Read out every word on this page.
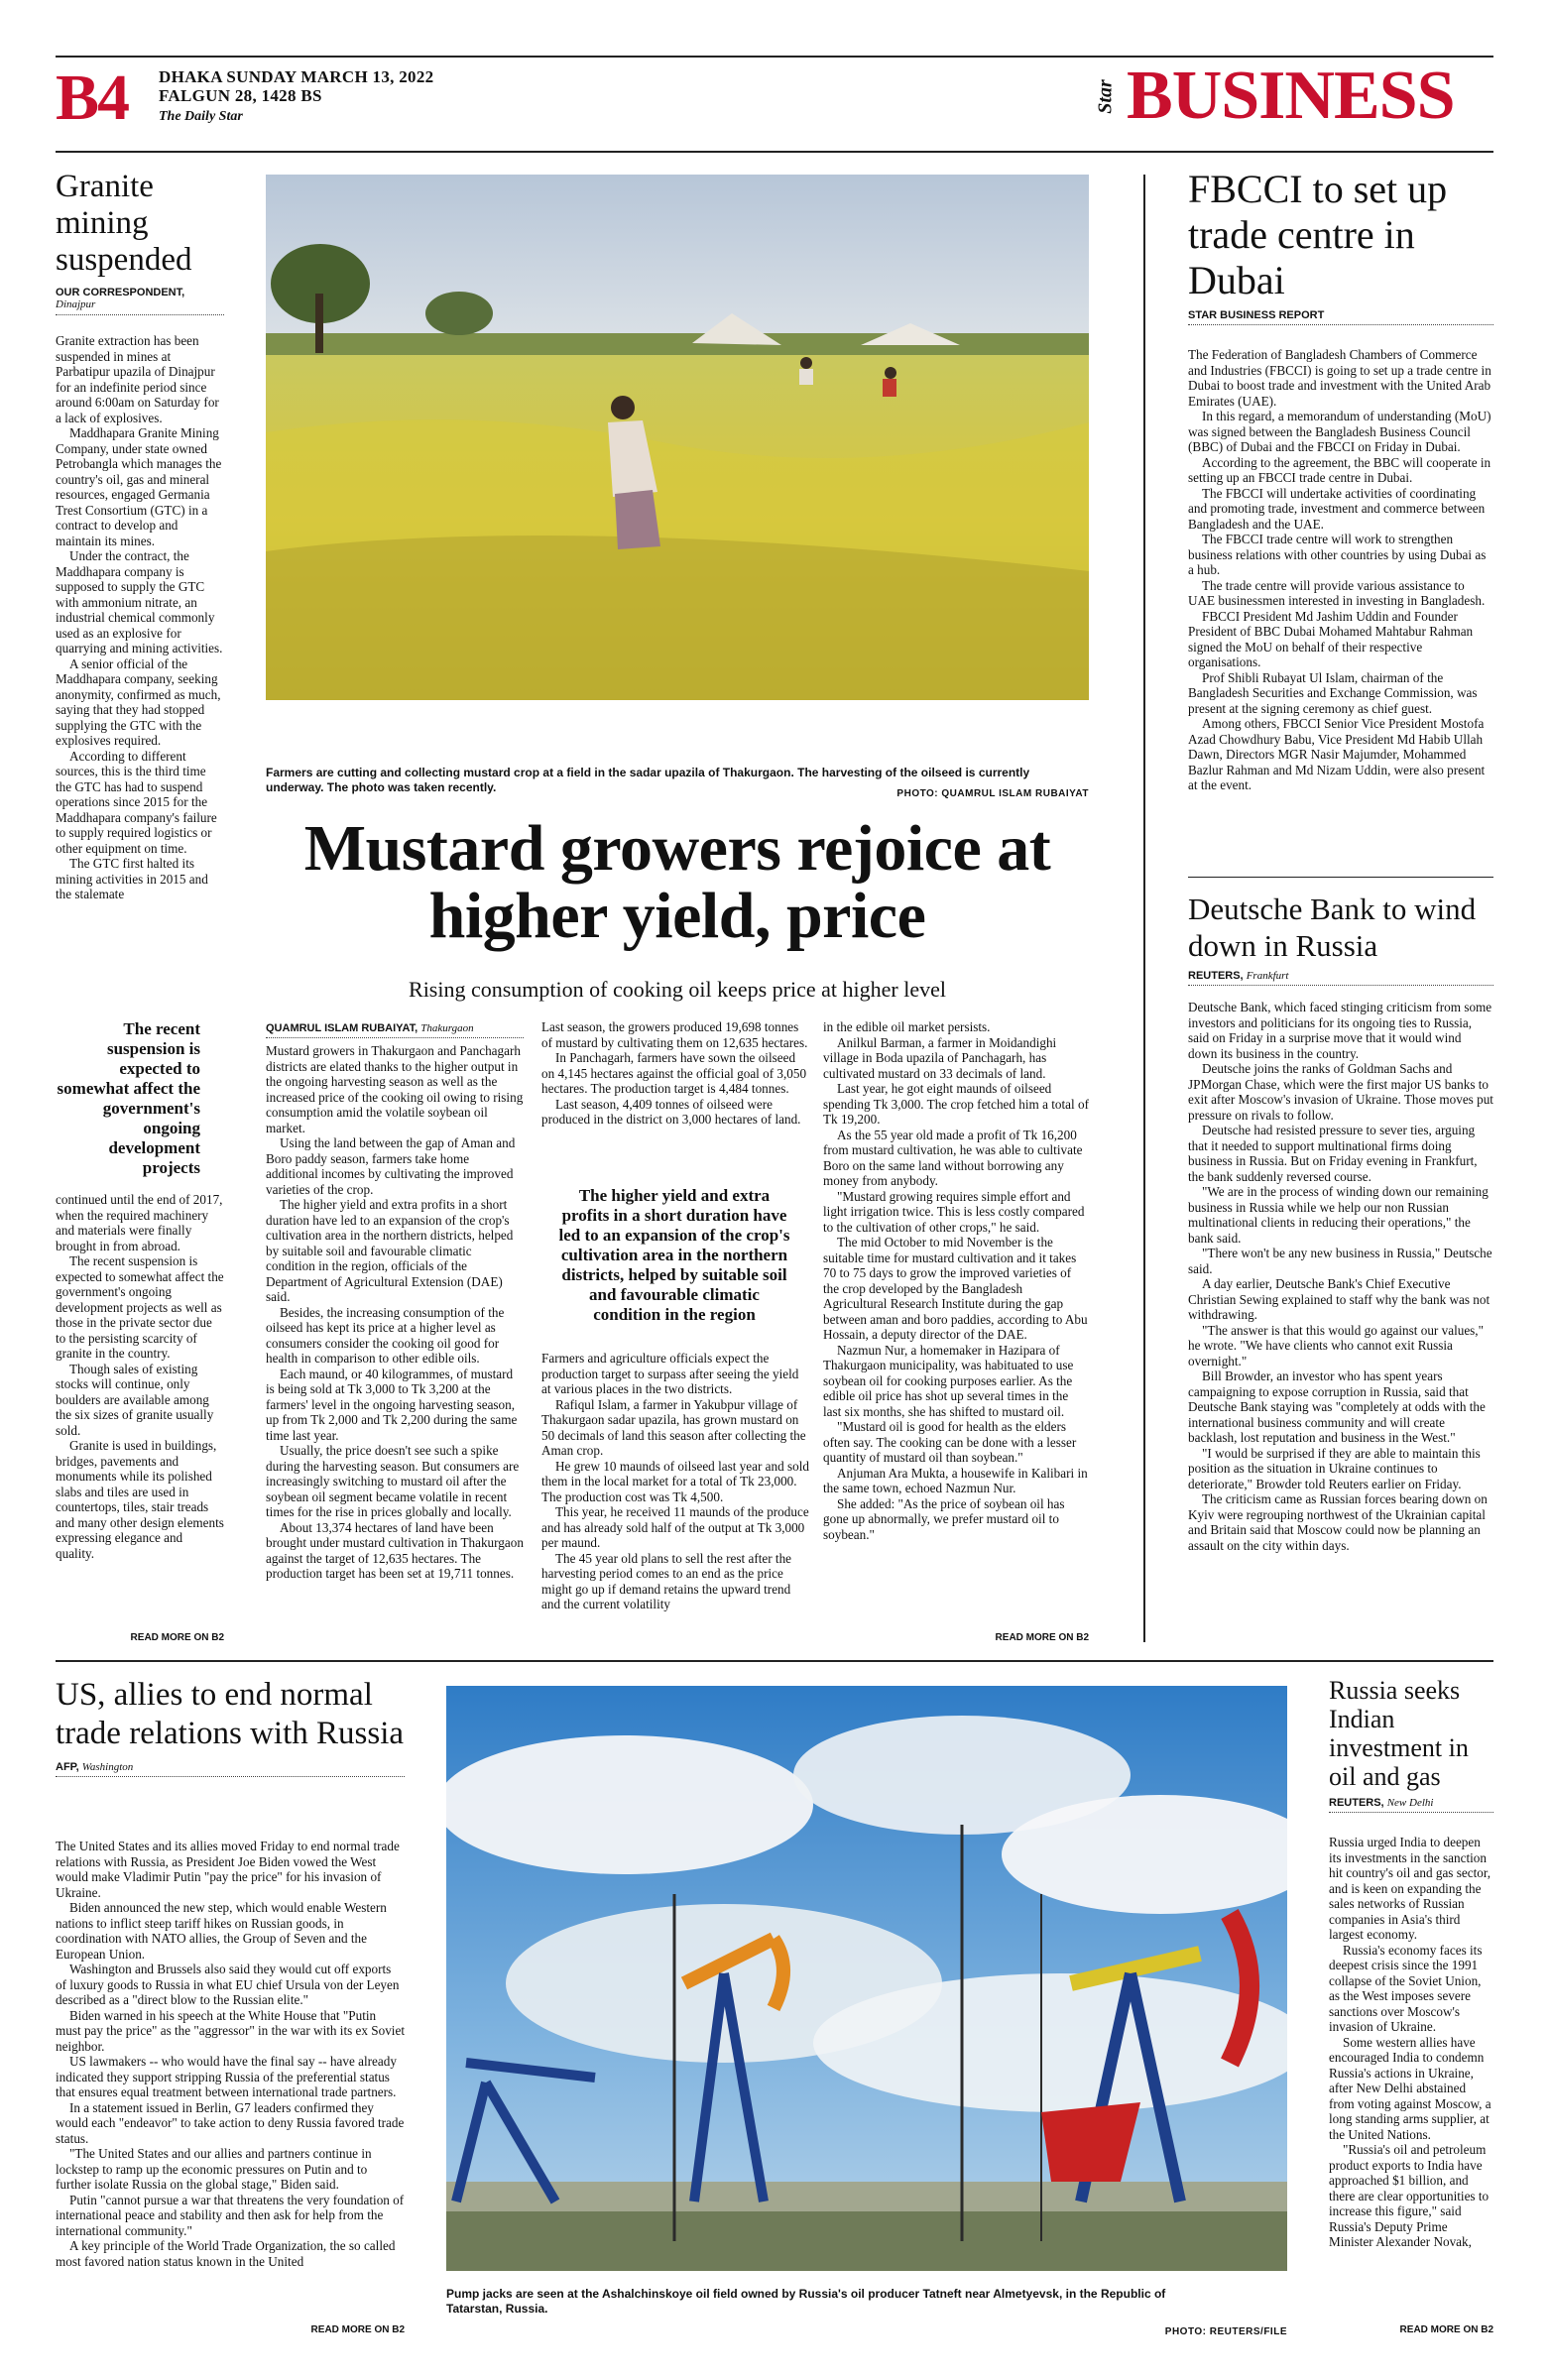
B4 DHAKA SUNDAY MARCH 13, 2022
FALGUN 28, 1428 BS
The Daily Star
Star BUSINESS
Granite mining suspended
OUR CORRESPONDENT,
Dinajpur

Granite extraction has been suspended in mines at Parbatipur upazila of Dinajpur for an indefinite period since around 6:00am on Saturday for a lack of explosives.

Maddhapara Granite Mining Company, under state owned Petrobangla which manages the country's oil, gas and mineral resources, engaged Germania Trest Consortium (GTC) in a contract to develop and maintain its mines.

Under the contract, the Maddhapara company is supposed to supply the GTC with ammonium nitrate, an industrial chemical commonly used as an explosive for quarrying and mining activities.

A senior official of the Maddhapara company, seeking anonymity, confirmed as much, saying that they had stopped supplying the GTC with the explosives required.

According to different sources, this is the third time the GTC has had to suspend operations since 2015 for the Maddhapara company's failure to supply required logistics or other equipment on time.

The GTC first halted its mining activities in 2015 and the stalemate

The recent suspension is expected to somewhat affect the government's ongoing development projects

continued until the end of 2017, when the required machinery and materials were finally brought in from abroad.

The recent suspension is expected to somewhat affect the government's ongoing development projects as well as those in the private sector due to the persisting scarcity of granite in the country.

Though sales of existing stocks will continue, only boulders are available among the six sizes of granite usually sold.

Granite is used in buildings, bridges, pavements and monuments while its polished slabs and tiles are used in countertops, tiles, stair treads and many other design elements expressing elegance and quality.

READ MORE ON B2
Farmers are cutting and collecting mustard crop at a field in the sadar upazila of Thakurgaon. The harvesting of the oilseed is currently underway. The photo was taken recently.	PHOTO: QUAMRUL ISLAM RUBAIYAT
Mustard growers rejoice at higher yield, price
Rising consumption of cooking oil keeps price at higher level
QUAMRUL ISLAM RUBAIYAT, Thakurgaon

Mustard growers in Thakurgaon and Panchagarh districts are elated thanks to the higher output in the ongoing harvesting season as well as the increased price of the cooking oil owing to rising consumption amid the volatile soybean oil market.

Using the land between the gap of Aman and Boro paddy season, farmers take home additional incomes by cultivating the improved varieties of the crop.

The higher yield and extra profits in a short duration have led to an expansion of the crop's cultivation area in the northern districts, helped by suitable soil and favourable climatic condition in the region, officials of the Department of Agricultural Extension (DAE) said.

Besides, the increasing consumption of the oilseed has kept its price at a higher level as consumers consider the cooking oil good for health in comparison to other edible oils.

Each maund, or 40 kilogrammes, of mustard is being sold at Tk 3,000 to Tk 3,200 at the farmers' level in the ongoing harvesting season, up from Tk 2,000 and Tk 2,200 during the same time last year.

Usually, the price doesn't see such a spike during the harvesting season. But consumers are increasingly switching to mustard oil after the soybean oil segment became volatile in recent times for the rise in prices globally and locally.

About 13,374 hectares of land have been brought under mustard cultivation in Thakurgaon against the target of 12,635 hectares. The production target has been set at 19,711 tonnes.

Last season, the growers produced 19,698 tonnes of mustard by cultivating them on 12,635 hectares.

In Panchagarh, farmers have sown the oilseed on 4,145 hectares against the official goal of 3,050 hectares. The production target is 4,484 tonnes.

Last season, 4,409 tonnes of oilseed were produced in the district on 3,000 hectares of land.

The higher yield and extra profits in a short duration have led to an expansion of the crop's cultivation area in the northern districts, helped by suitable soil and favourable climatic condition in the region

Farmers and agriculture officials expect the production target to surpass after seeing the yield at various places in the two districts.

Rafiqul Islam, a farmer in Yakubpur village of Thakurgaon sadar upazila, has grown mustard on 50 decimals of land this season after collecting the Aman crop.

He grew 10 maunds of oilseed last year and sold them in the local market for a total of Tk 23,000. The production cost was Tk 4,500.

This year, he received 11 maunds of the produce and has already sold half of the output at Tk 3,000 per maund.

The 45 year old plans to sell the rest after the harvesting period comes to an end as the price might go up if demand retains the upward trend and the current volatility

in the edible oil market persists.

Anilkul Barman, a farmer in Moidandighi village in Boda upazila of Panchagarh, has cultivated mustard on 33 decimals of land.

Last year, he got eight maunds of oilseed spending Tk 3,000. The crop fetched him a total of Tk 19,200.

As the 55 year old made a profit of Tk 16,200 from mustard cultivation, he was able to cultivate Boro on the same land without borrowing any money from anybody.

"Mustard growing requires simple effort and light irrigation twice. This is less costly compared to the cultivation of other crops," he said.

The mid October to mid November is the suitable time for mustard cultivation and it takes 70 to 75 days to grow the improved varieties of the crop developed by the Bangladesh Agricultural Research Institute during the gap between aman and boro paddies, according to Abu Hossain, a deputy director of the DAE.

Nazmun Nur, a homemaker in Hazipara of Thakurgaon municipality, was habituated to use soybean oil for cooking purposes earlier. As the edible oil price has shot up several times in the last six months, she has shifted to mustard oil.

"Mustard oil is good for health as the elders often say. The cooking can be done with a lesser quantity of mustard oil than soybean."

Anjuman Ara Mukta, a housewife in Kalibari in the same town, echoed Nazmun Nur.

She added: "As the price of soybean oil has gone up abnormally, we prefer mustard oil to soybean."

READ MORE ON B2
FBCCI to set up trade centre in Dubai
STAR BUSINESS REPORT

The Federation of Bangladesh Chambers of Commerce and Industries (FBCCI) is going to set up a trade centre in Dubai to boost trade and investment with the United Arab Emirates (UAE).

In this regard, a memorandum of understanding (MoU) was signed between the Bangladesh Business Council (BBC) of Dubai and the FBCCI on Friday in Dubai.

According to the agreement, the BBC will cooperate in setting up an FBCCI trade centre in Dubai.

The FBCCI will undertake activities of coordinating and promoting trade, investment and commerce between Bangladesh and the UAE.

The FBCCI trade centre will work to strengthen business relations with other countries by using Dubai as a hub.

The trade centre will provide various assistance to UAE businessmen interested in investing in Bangladesh.

FBCCI President Md Jashim Uddin and Founder President of BBC Dubai Mohamed Mahtabur Rahman signed the MoU on behalf of their respective organisations.

Prof Shibli Rubayat Ul Islam, chairman of the Bangladesh Securities and Exchange Commission, was present at the signing ceremony as chief guest.

Among others, FBCCI Senior Vice President Mostofa Azad Chowdhury Babu, Vice President Md Habib Ullah Dawn, Directors MGR Nasir Majumder, Mohammed Bazlur Rahman and Md Nizam Uddin, were also present at the event.

Deutsche Bank to wind down in Russia
REUTERS, Frankfurt

Deutsche Bank, which faced stinging criticism from some investors and politicians for its ongoing ties to Russia, said on Friday in a surprise move that it would wind down its business in the country.

Deutsche joins the ranks of Goldman Sachs and JPMorgan Chase, which were the first major US banks to exit after Moscow's invasion of Ukraine. Those moves put pressure on rivals to follow.

Deutsche had resisted pressure to sever ties, arguing that it needed to support multinational firms doing business in Russia. But on Friday evening in Frankfurt, the bank suddenly reversed course.

"We are in the process of winding down our remaining business in Russia while we help our non Russian multinational clients in reducing their operations," the bank said.

"There won't be any new business in Russia," Deutsche said.

A day earlier, Deutsche Bank's Chief Executive Christian Sewing explained to staff why the bank was not withdrawing.

"The answer is that this would go against our values," he wrote. "We have clients who cannot exit Russia overnight."

Bill Browder, an investor who has spent years campaigning to expose corruption in Russia, said that Deutsche Bank staying was "completely at odds with the international business community and will create backlash, lost reputation and business in the West."

"I would be surprised if they are able to maintain this position as the situation in Ukraine continues to deteriorate," Browder told Reuters earlier on Friday.

The criticism came as Russian forces bearing down on Kyiv were regrouping northwest of the Ukrainian capital and Britain said that Moscow could now be planning an assault on the city within days.

US, allies to end normal trade relations with Russia
AFP, Washington

The United States and its allies moved Friday to end normal trade relations with Russia, as President Joe Biden vowed the West would make Vladimir Putin "pay the price" for his invasion of Ukraine.

Biden announced the new step, which would enable Western nations to inflict steep tariff hikes on Russian goods, in coordination with NATO allies, the Group of Seven and the European Union.

Washington and Brussels also said they would cut off exports of luxury goods to Russia in what EU chief Ursula von der Leyen described as a "direct blow to the Russian elite."

Biden warned in his speech at the White House that "Putin must pay the price" as the "aggressor" in the war with its ex Soviet neighbor.

US lawmakers -- who would have the final say -- have already indicated they support stripping Russia of the preferential status that ensures equal treatment between international trade partners.

In a statement issued in Berlin, G7 leaders confirmed they would each "endeavor" to take action to deny Russia favored trade status.

"The United States and our allies and partners continue in lockstep to ramp up the economic pressures on Putin and to further isolate Russia on the global stage," Biden said.

Putin "cannot pursue a war that threatens the very foundation of international peace and stability and then ask for help from the international community."

A key principle of the World Trade Organization, the so called most favored nation status known in the United

READ MORE ON B2
Pump jacks are seen at the Ashalchinskoye oil field owned by Russia's oil producer Tatneft near Almetyevsk, in the Republic of Tatarstan, Russia.
PHOTO: REUTERS/FILE
Russia seeks Indian investment in oil and gas
REUTERS, New Delhi

Russia urged India to deepen its investments in the sanction hit country's oil and gas sector, and is keen on expanding the sales networks of Russian companies in Asia's third largest economy.

Russia's economy faces its deepest crisis since the 1991 collapse of the Soviet Union, as the West imposes severe sanctions over Moscow's invasion of Ukraine.

Some western allies have encouraged India to condemn Russia's actions in Ukraine, after New Delhi abstained from voting against Moscow, a long standing arms supplier, at the United Nations.

"Russia's oil and petroleum product exports to India have approached $1 billion, and there are clear opportunities to increase this figure," said Russia's Deputy Prime Minister Alexander Novak,

READ MORE ON B2
